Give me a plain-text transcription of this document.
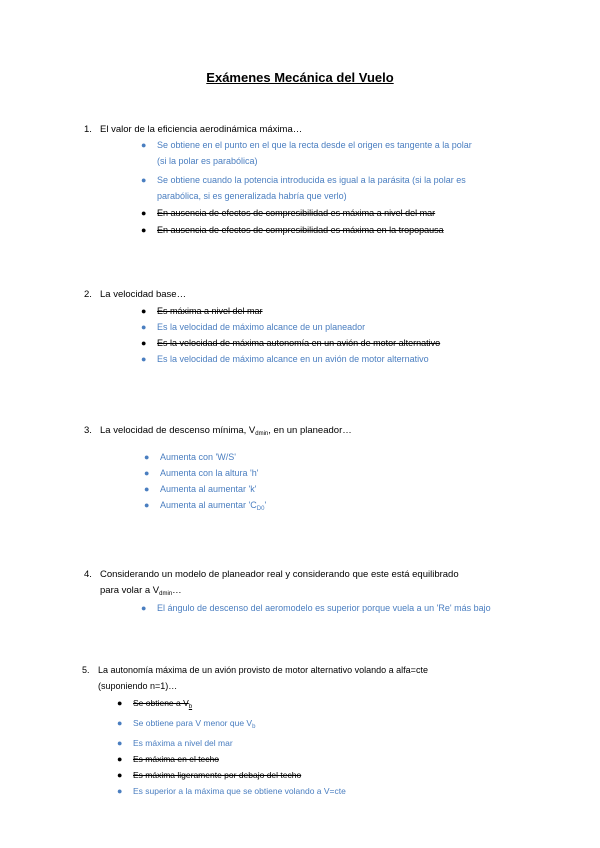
Exámenes Mecánica del Vuelo
1. El valor de la eficiencia aerodinámica máxima…
● Se obtiene en el punto en el que la recta desde el origen es tangente a la polar
(si la polar es parabólica)
● Se obtiene cuando la potencia introducida es igual a la parásita (si la polar es
parabólica, si es generalizada habría que verlo)
● En ausencia de efectos de compresibilidad es máxima a nivel del mar
● En ausencia de efectos de compresibilidad es máxima en la tropopausa
2. La velocidad base…
● Es máxima a nivel del mar
● Es la velocidad de máximo alcance de un planeador
● Es la velocidad de máxima autonomía en un avión de motor alternativo
● Es la velocidad de máximo alcance en un avión de motor alternativo
3. La velocidad de descenso mínima, $V_{dmin}$, en un planeador…
● Aumenta con 'W/S'
● Aumenta con la altura 'h'
● Aumenta al aumentar 'k'
● Aumenta al aumentar '$C_{D0}$'
4. Considerando un modelo de planeador real y considerando que este está equilibrado
para volar a $V_{dmin}\dots$
● El ángulo de descenso del aeromodelo es superior porque vuela a un 'Re' más bajo
5. La autonomía máxima de un avión provisto de motor alternativo volando a alfa=cte
(suponiendo n=1)…
● Se obtiene a $V_b$
● Se obtiene para V menor que $V_b$
● Es máxima a nivel del mar
● Es máxima en el techo
● Es máxima ligeramente por debajo del techo
● Es superior a la máxima que se obtiene volando a V=cte
